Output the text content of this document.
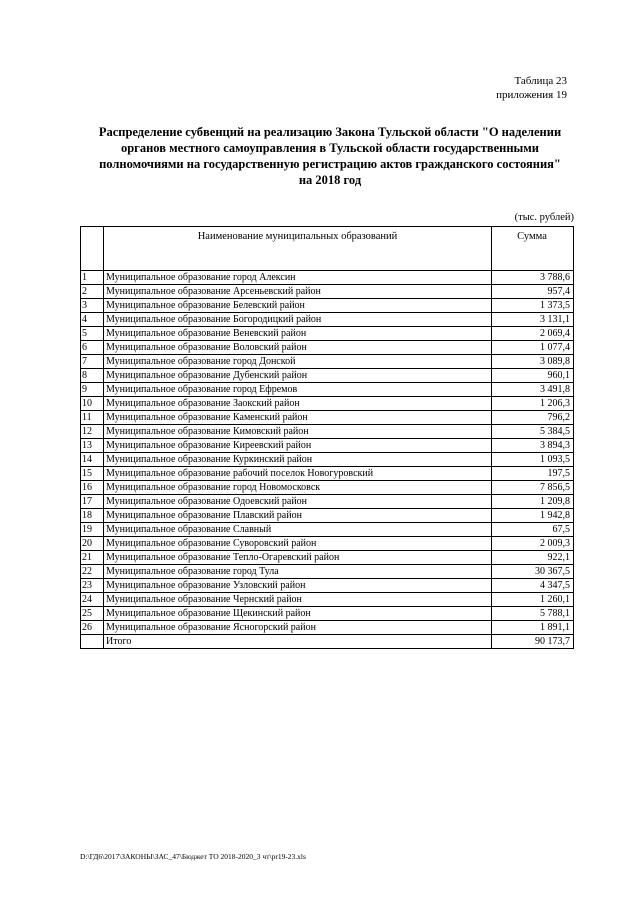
Таблица 23
приложения 19
Распределение субвенций на реализацию Закона Тульской области "О наделении
органов местного самоуправления в Тульской области государственными
полномочиями на государственную регистрацию актов гражданского состояния"
на 2018 год
(тыс. рублей)
	Наименование муниципальных образований	Сумма
1	Муниципальное образование город Алексин	3 788,6
2	Муниципальное образование Арсеньевский район	957,4
3	Муниципальное образование Белевский район	1 373,5
4	Муниципальное образование Богородицкий район	3 131,1
5	Муниципальное образование Веневский район	2 069,4
6	Муниципальное образование Воловский район	1 077,4
7	Муниципальное образование город Донской	3 089,8
8	Муниципальное образование Дубенский район	960,1
9	Муниципальное образование город Ефремов	3 491,8
10	Муниципальное образование Заокский район	1 206,3
11	Муниципальное образование Каменский район	796,2
12	Муниципальное образование Кимовский район	5 384,5
13	Муниципальное образование Киреевский район	3 894,3
14	Муниципальное образование Куркинский район	1 093,5
15	Муниципальное образование рабочий поселок Новогуровский	197,5
16	Муниципальное образование город Новомосковск	7 856,5
17	Муниципальное образование Одоевский район	1 209,8
18	Муниципальное образование Плавский район	1 942,8
19	Муниципальное образование Славный	67,5
20	Муниципальное образование Суворовский район	2 009,3
21	Муниципальное образование Тепло-Огаревский район	922,1
22	Муниципальное образование город Тула	30 367,5
23	Муниципальное образование Узловский район	4 347,5
24	Муниципальное образование Чернский район	1 260,1
25	Муниципальное образование Щекинский район	5 788,1
26	Муниципальное образование Ясногорский район	1 891,1
	Итого	90 173,7
D:\ГД6\2017\ЗАКОНЫ\ЗАС_47\Бюджет ТО 2018-2020_3 чт\pr19-23.xls
